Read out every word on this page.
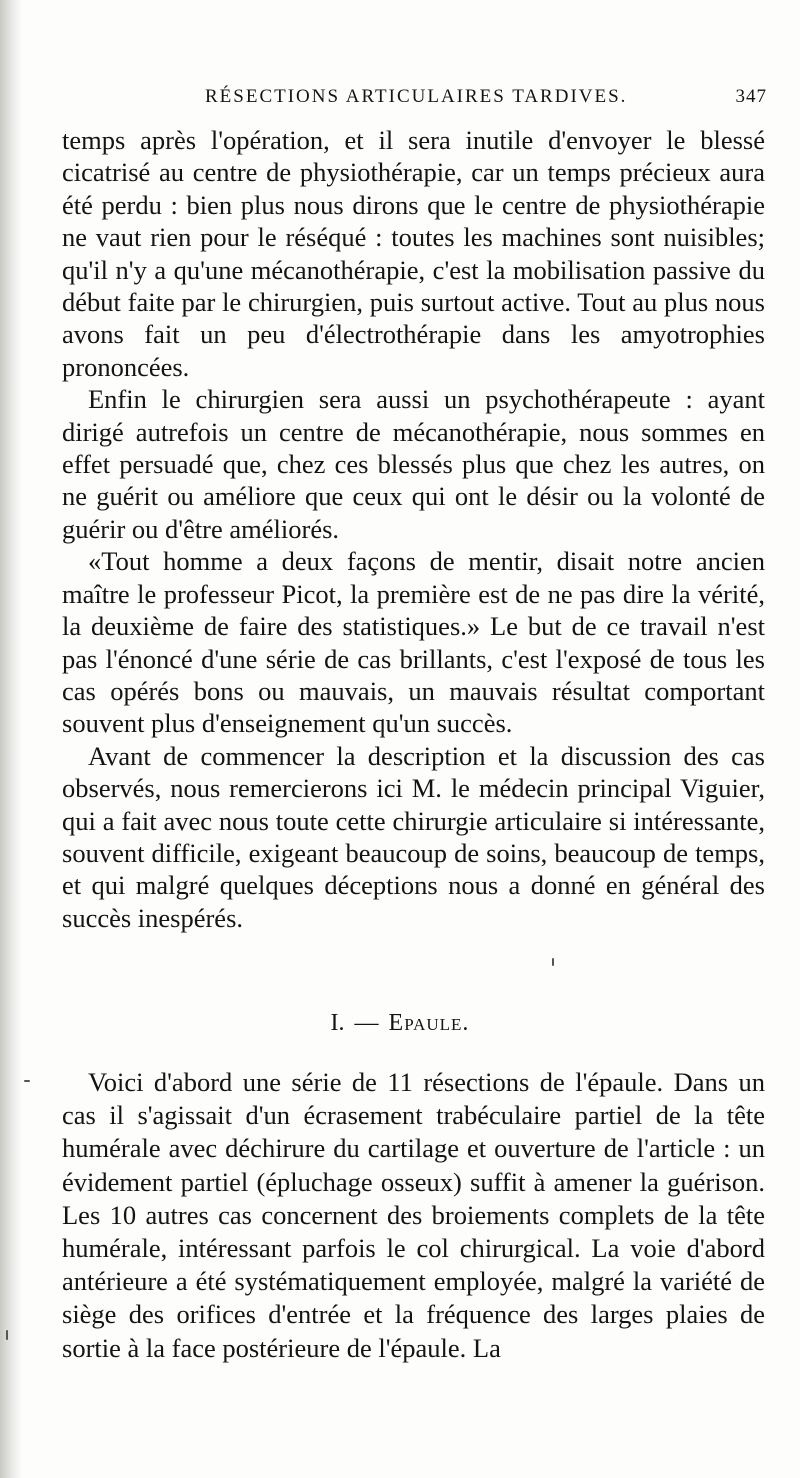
RÉSECTIONS ARTICULAIRES TARDIVES.	347

temps après l'opération, et il sera inutile d'envoyer le blessé cicatrisé au centre de physiothérapie, car un temps précieux aura été perdu : bien plus nous dirons que le centre de physiothérapie ne vaut rien pour le réséqué : toutes les machines sont nuisibles; qu'il n'y a qu'une mécanothérapie, c'est la mobilisation passive du début faite par le chirurgien, puis surtout active. Tout au plus nous avons fait un peu d'électrothérapie dans les amyotrophies prononcées.

Enfin le chirurgien sera aussi un psychothérapeute : ayant dirigé autrefois un centre de mécanothérapie, nous sommes en effet persuadé que, chez ces blessés plus que chez les autres, on ne guérit ou améliore que ceux qui ont le désir ou la volonté de guérir ou d'être améliorés.

«Tout homme a deux façons de mentir, disait notre ancien maître le professeur Picot, la première est de ne pas dire la vérité, la deuxième de faire des statistiques.» Le but de ce travail n'est pas l'énoncé d'une série de cas brillants, c'est l'exposé de tous les cas opérés bons ou mauvais, un mauvais résultat comportant souvent plus d'enseignement qu'un succès.

Avant de commencer la description et la discussion des cas observés, nous remercierons ici M. le médecin principal Viguier, qui a fait avec nous toute cette chirurgie articulaire si intéressante, souvent difficile, exigeant beaucoup de soins, beaucoup de temps, et qui malgré quelques déceptions nous a donné en général des succès inespérés.

I. — Epaule.

Voici d'abord une série de 11 résections de l'épaule. Dans un cas il s'agissait d'un écrasement trabéculaire partiel de la tête humérale avec déchirure du cartilage et ouverture de l'article : un évidement partiel (épluchage osseux) suffit à amener la guérison. Les 10 autres cas concernent des broiements complets de la tête humérale, intéressant parfois le col chirurgical. La voie d'abord antérieure a été systématiquement employée, malgré la variété de siège des orifices d'entrée et la fréquence des larges plaies de sortie à la face postérieure de l'épaule. La
